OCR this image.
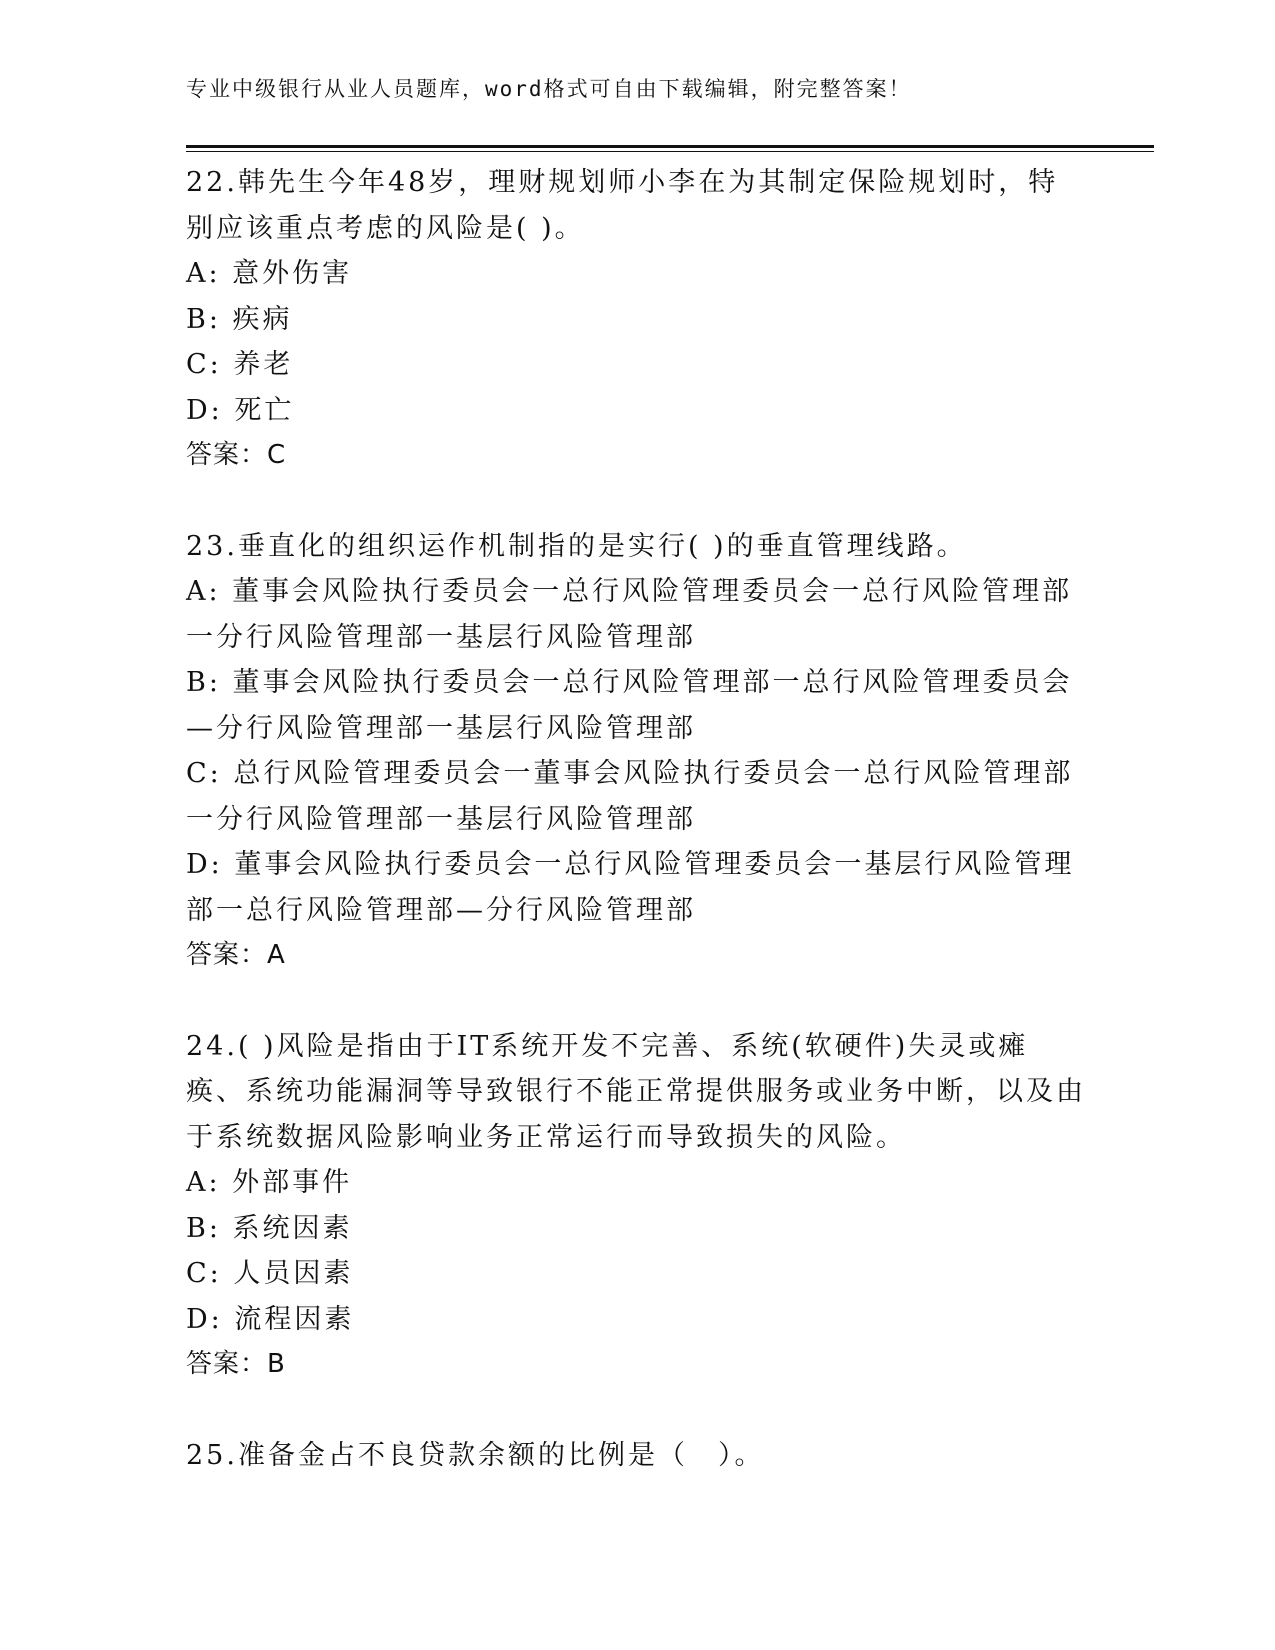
专业中级银行从业人员题库，word格式可自由下载编辑，附完整答案！

22.韩先生今年48岁，理财规划师小李在为其制定保险规划时，特别应该重点考虑的风险是( )。

A: 意外伤害

B: 疾病

C: 养老

D: 死亡

答案：C

23.垂直化的组织运作机制指的是实行( )的垂直管理线路。

A: 董事会风险执行委员会一总行风险管理委员会一总行风险管理部一分行风险管理部一基层行风险管理部

B: 董事会风险执行委员会一总行风险管理部一总行风险管理委员会—分行风险管理部一基层行风险管理部

C: 总行风险管理委员会一董事会风险执行委员会一总行风险管理部一分行风险管理部一基层行风险管理部

D: 董事会风险执行委员会一总行风险管理委员会一基层行风险管理部一总行风险管理部—分行风险管理部

答案：A

24.( )风险是指由于IT系统开发不完善、系统(软硬件)失灵或瘫痪、系统功能漏洞等导致银行不能正常提供服务或业务中断，以及由于系统数据风险影响业务正常运行而导致损失的风险。

A: 外部事件

B: 系统因素

C: 人员因素

D: 流程因素

答案：B

25.准备金占不良贷款余额的比例是（　）。
